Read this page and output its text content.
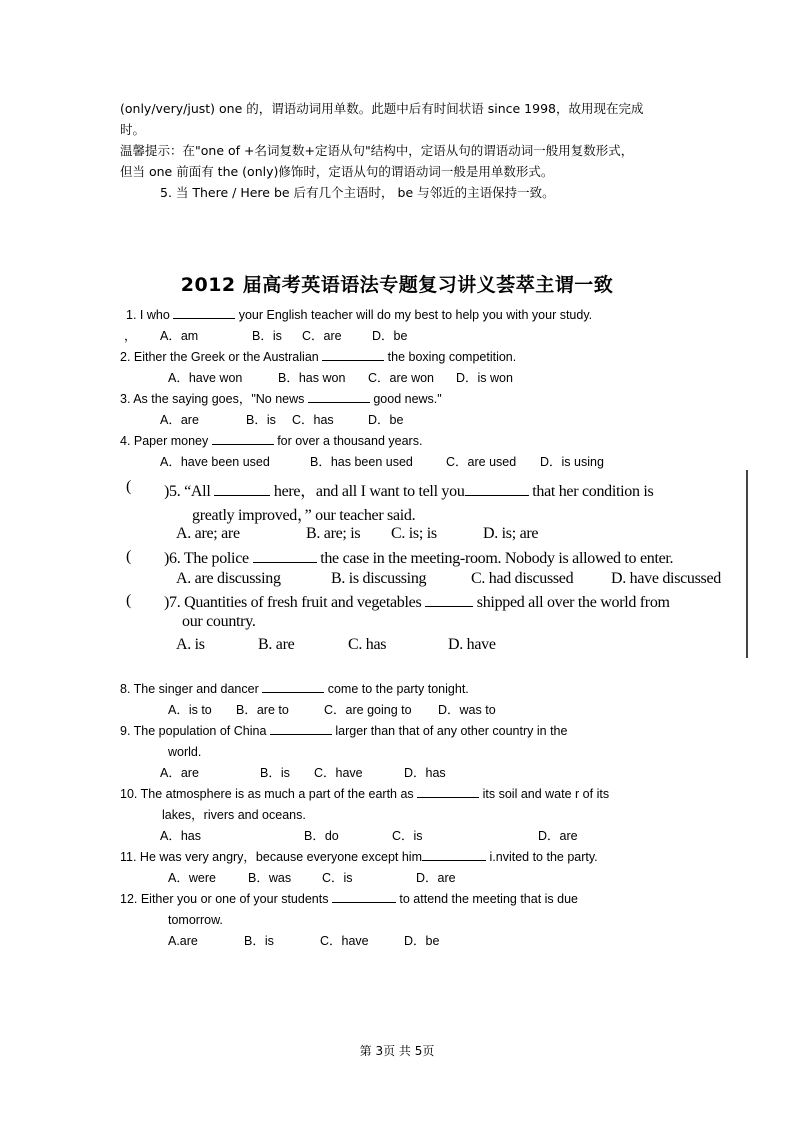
(only/very/just) one 的，谓语动词用单数。此题中后有时间状语 since 1998，故用现在完成

时。

温馨提示：在"one of +名词复数+定语从句"结构中，定语从句的谓语动词一般用复数形式，

但当 one 前面有 the (only)修饰时，定语从句的谓语动词一般是用单数形式。

5. 当 There / Here be 后有几个主语时， be 与邻近的主语保持一致。

2012 届高考英语语法专题复习讲义荟萃主谓一致

1. I who	your English teacher will do my best to help you with your study.

， A．am	B．is C．are D．be

2. Either the Greek or the Australian	the boxing competition.

A．have won	B．has won C．are won D．is won

3. As the saying goes，"No news	good news."

A．are	B．is C．has	D．be

4. Paper money	for over a thousand years.

A．have been used	B．has been used	C．are used D．is using

( )5. “All	here，and all I want to tell you	that her condition is
greatly improved，” our teacher said.
A. are; are	B. are; is C. is; is	D. is; are
( )6. The police	the case in the meeting-room. Nobody is allowed to enter.
A. are discussing	B. is discussing	C. had discussed D. have discussed
( )7. Quantities of fresh fruit and vegetables	shipped all over the world from
our country.
A. is	B. are	C. has	D. have

8. The singer and dancer	come to the party tonight.

A．is to B．are to	C．are going to D．was to

9. The population of China	larger than that of any other country in the

world.

A．are	B．is C．have	D．has

10. The atmosphere is as much a part of the earth as	its soil and wate r of its

lakes，rivers and oceans.

A．has	B．do	C．is	D．are

11. He was very angry，because everyone except him	i.nvited to the party.

A．were	B．was C．is	D．are

12. Either you or one of your students	to attend the meeting that is due

tomorrow.

A.are	B．is	C．have	D．be

第 3页 共 5页
